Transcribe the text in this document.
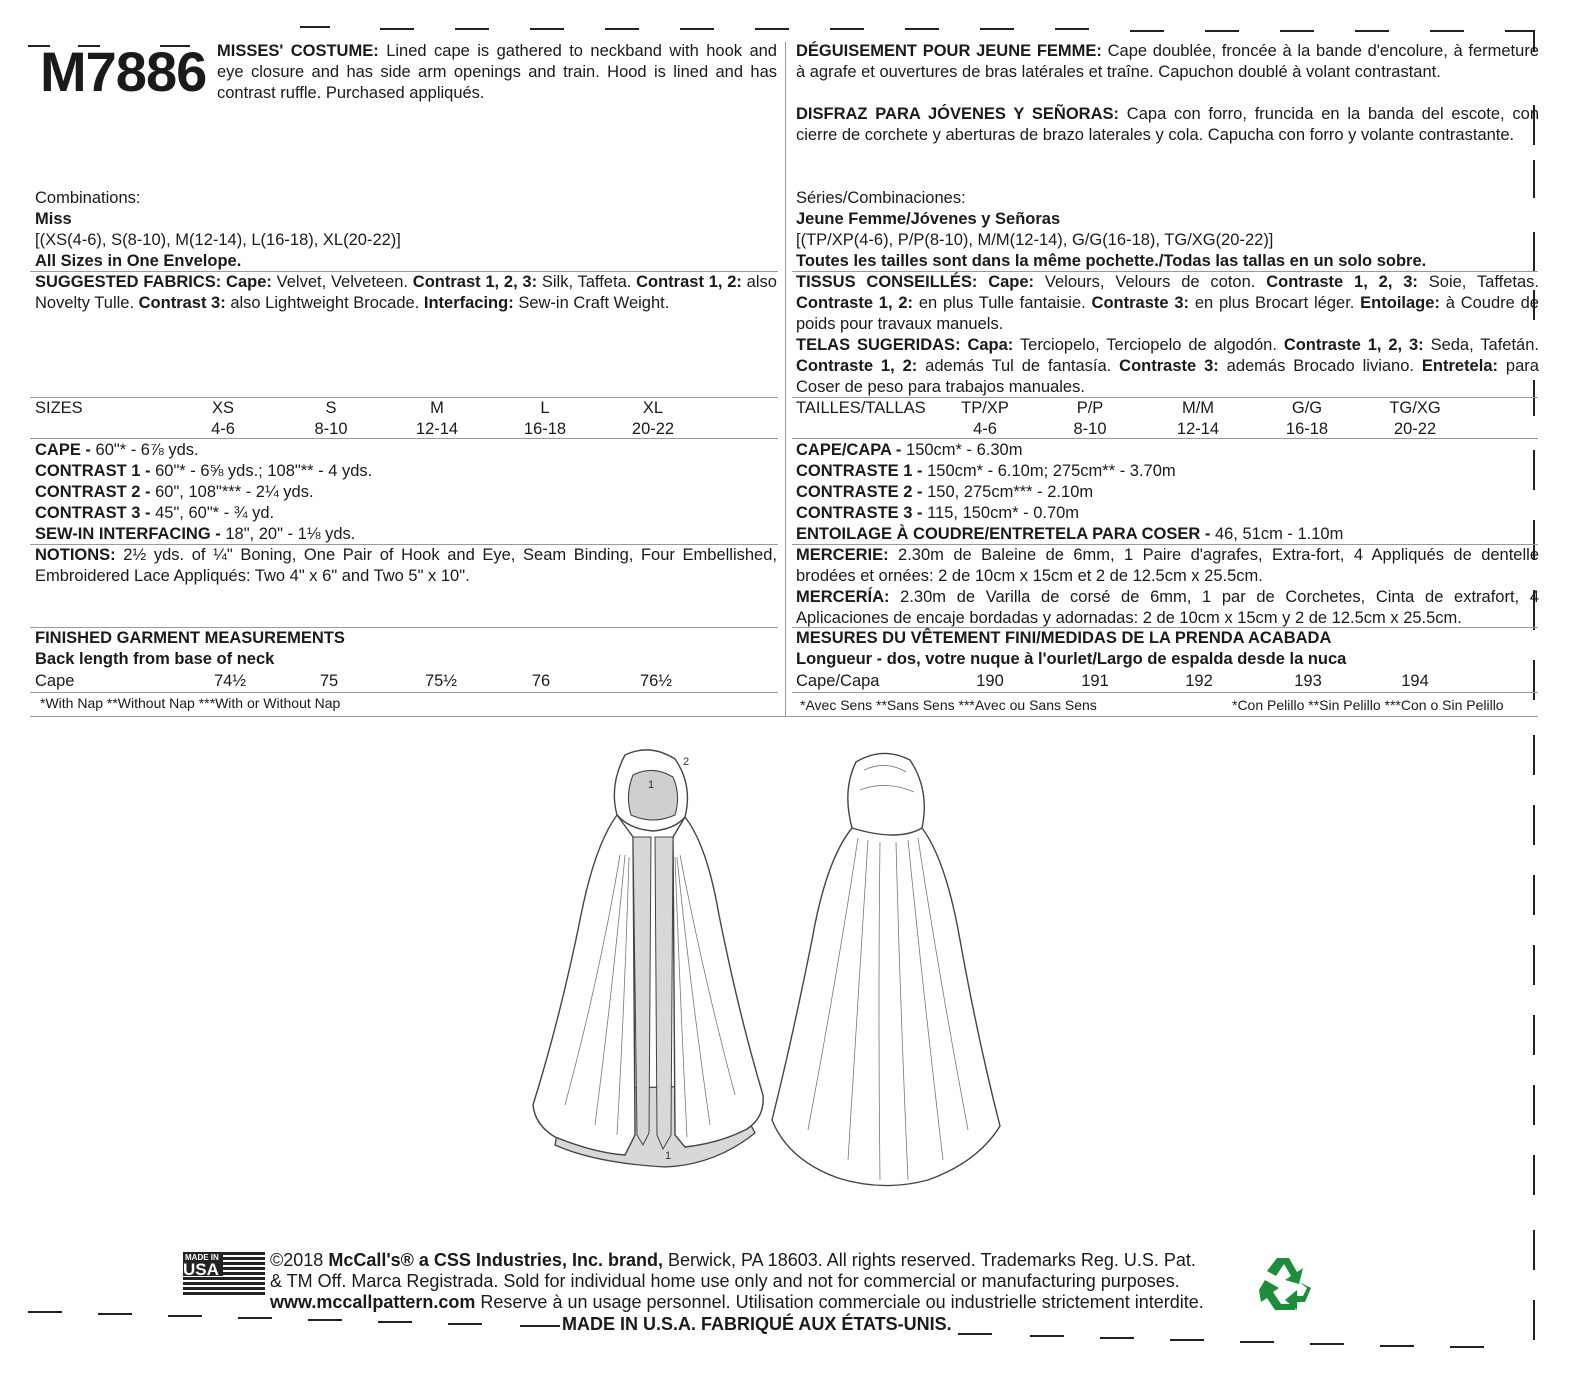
M7886 MISSES' COSTUME: Lined cape is gathered to neckband with hook and eye closure and has side arm openings and train. Hood is lined and has contrast ruffle. Purchased appliqués.
Combinations:
Miss
[(XS(4-6), S(8-10), M(12-14), L(16-18), XL(20-22)]
All Sizes in One Envelope.
SUGGESTED FABRICS: Cape: Velvet, Velveteen. Contrast 1, 2, 3: Silk, Taffeta. Contrast 1, 2: also Novelty Tulle. Contrast 3: also Lightweight Brocade. Interfacing: Sew-in Craft Weight.
SIZES	XS	S	M	L	XL
4-6	8-10	12-14	16-18	20-22
CAPE - 60"* - 6⅞ yds.
CONTRAST 1 - 60"* - 6⅝ yds.; 108"** - 4 yds.
CONTRAST 2 - 60", 108"*** - 2¼ yds.
CONTRAST 3 - 45", 60"* - ¾ yd.
SEW-IN INTERFACING - 18", 20" - 1⅛ yds.
NOTIONS: 2½ yds. of ¼" Boning, One Pair of Hook and Eye, Seam Binding, Four Embellished, Embroidered Lace Appliqués: Two 4" x 6" and Two 5" x 10".
FINISHED GARMENT MEASUREMENTS
Back length from base of neck
Cape	74½	75	75½	76	76½
*With Nap **Without Nap ***With or Without Nap
DÉGUISEMENT POUR JEUNE FEMME: Cape doublée, froncée à la bande d'encolure, à fermeture à agrafe et ouvertures de bras latérales et traîne. Capuchon doublé à volant contrastant.
DISFRAZ PARA JÓVENES Y SEÑORAS: Capa con forro, fruncida en la banda del escote, con cierre de corchete y aberturas de brazo laterales y cola. Capucha con forro y volante contrastante.
Séries/Combinaciones:
Jeune Femme/Jóvenes y Señoras
[(TP/XP(4-6), P/P(8-10), M/M(12-14), G/G(16-18), TG/XG(20-22)]
Toutes les tailles sont dans la même pochette./Todas las tallas en un solo sobre.
TISSUS CONSEILLÉS: Cape: Velours, Velours de coton. Contraste 1, 2, 3: Soie, Taffetas. Contraste 1, 2: en plus Tulle fantaisie. Contraste 3: en plus Brocart léger. Entoilage: à Coudre de poids pour travaux manuels.
TELAS SUGERIDAS: Capa: Terciopelo, Terciopelo de algodón. Contraste 1, 2, 3: Seda, Tafetán. Contraste 1, 2: además Tul de fantasía. Contraste 3: además Brocado liviano. Entretela: para Coser de peso para trabajos manuales.
TAILLES/TALLAS	TP/XP	P/P	M/M	G/G	TG/XG
4-6	8-10	12-14	16-18	20-22
CAPE/CAPA - 150cm* - 6.30m
CONTRASTE 1 - 150cm* - 6.10m; 275cm** - 3.70m
CONTRASTE 2 - 150, 275cm*** - 2.10m
CONTRASTE 3 - 115, 150cm* - 0.70m
ENTOILAGE À COUDRE/ENTRETELA PARA COSER - 46, 51cm - 1.10m
MERCERIE: 2.30m de Baleine de 6mm, 1 Paire d'agrafes, Extra-fort, 4 Appliqués de dentelle brodées et ornées: 2 de 10cm x 15cm et 2 de 12.5cm x 25.5cm.
MERCERÍA: 2.30m de Varilla de corsé de 6mm, 1 par de Corchetes, Cinta de extrafort, 4 Aplicaciones de encaje bordadas y adornadas: 2 de 10cm x 15cm y 2 de 12.5cm x 25.5cm.
MESURES DU VÊTEMENT FINI/MEDIDAS DE LA PRENDA ACABADA
Longueur - dos, votre nuque à l'ourlet/Largo de espalda desde la nuca
Cape/Capa	190	191	192	193	194
*Avec Sens **Sans Sens ***Avec ou Sans Sens	*Con Pelillo **Sin Pelillo ***Con o Sin Pelillo
2
1
1
MADE IN
USA	©2018 McCall's® a CSS Industries, Inc. brand, Berwick, PA 18603. All rights reserved. Trademarks Reg. U.S. Pat.
& TM Off. Marca Registrada. Sold for individual home use only and not for commercial or manufacturing purposes.
www.mccallpattern.com Reserve à un usage personnel. Utilisation commerciale ou industrielle strictement interdite.
MADE IN U.S.A. FABRIQUÉ AUX ÉTATS-UNIS.
